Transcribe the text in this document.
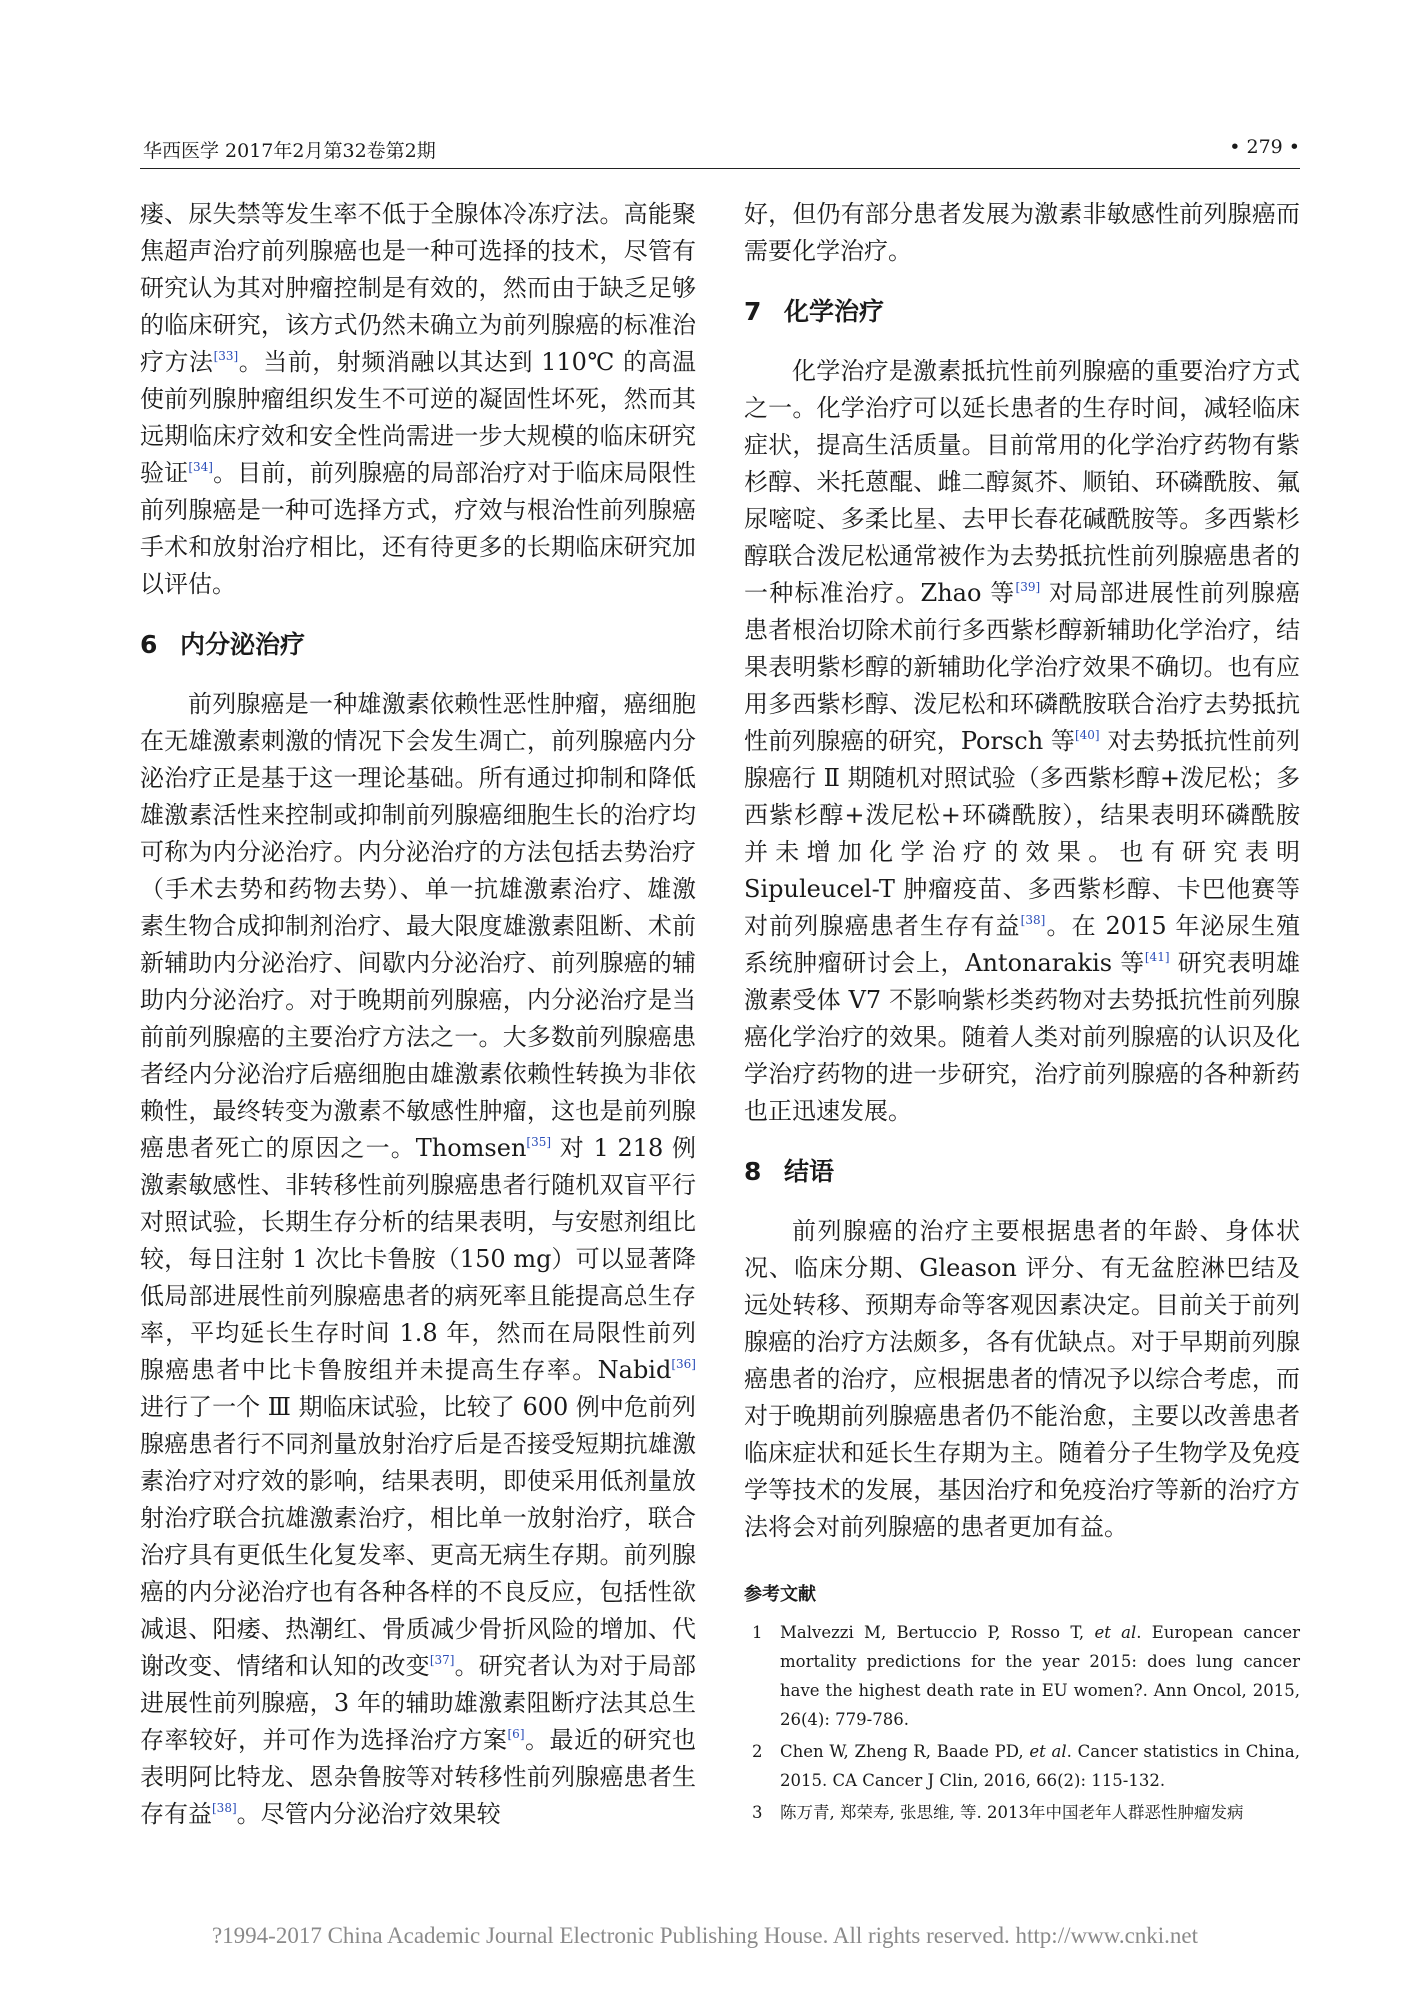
华西医学 2017年2月第32卷第2期	• 279 •

瘘、尿失禁等发生率不低于全腺体冷冻疗法。高能聚焦超声治疗前列腺癌也是一种可选择的技术，尽管有研究认为其对肿瘤控制是有效的，然而由于缺乏足够的临床研究，该方式仍然未确立为前列腺癌的标准治疗方法[33]。当前，射频消融以其达到 110℃ 的高温使前列腺肿瘤组织发生不可逆的凝固性坏死，然而其远期临床疗效和安全性尚需进一步大规模的临床研究验证[34]。目前，前列腺癌的局部治疗对于临床局限性前列腺癌是一种可选择方式，疗效与根治性前列腺癌手术和放射治疗相比，还有待更多的长期临床研究加以评估。

6 内分泌治疗

前列腺癌是一种雄激素依赖性恶性肿瘤，癌细胞在无雄激素刺激的情况下会发生凋亡，前列腺癌内分泌治疗正是基于这一理论基础。所有通过抑制和降低雄激素活性来控制或抑制前列腺癌细胞生长的治疗均可称为内分泌治疗。内分泌治疗的方法包括去势治疗（手术去势和药物去势）、单一抗雄激素治疗、雄激素生物合成抑制剂治疗、最大限度雄激素阻断、术前新辅助内分泌治疗、间歇内分泌治疗、前列腺癌的辅助内分泌治疗。对于晚期前列腺癌，内分泌治疗是当前前列腺癌的主要治疗方法之一。大多数前列腺癌患者经内分泌治疗后癌细胞由雄激素依赖性转换为非依赖性，最终转变为激素不敏感性肿瘤，这也是前列腺癌患者死亡的原因之一。Thomsen[35] 对 1 218 例激素敏感性、非转移性前列腺癌患者行随机双盲平行对照试验，长期生存分析的结果表明，与安慰剂组比较，每日注射 1 次比卡鲁胺（150 mg）可以显著降低局部进展性前列腺癌患者的病死率且能提高总生存率，平均延长生存时间 1.8 年，然而在局限性前列腺癌患者中比卡鲁胺组并未提高生存率。Nabid[36] 进行了一个 Ⅲ 期临床试验，比较了 600 例中危前列腺癌患者行不同剂量放射治疗后是否接受短期抗雄激素治疗对疗效的影响，结果表明，即使采用低剂量放射治疗联合抗雄激素治疗，相比单一放射治疗，联合治疗具有更低生化复发率、更高无病生存期。前列腺癌的内分泌治疗也有各种各样的不良反应，包括性欲减退、阳痿、热潮红、骨质减少骨折风险的增加、代谢改变、情绪和认知的改变[37]。研究者认为对于局部进展性前列腺癌，3 年的辅助雄激素阻断疗法其总生存率较好，并可作为选择治疗方案[6]。最近的研究也表明阿比特龙、恩杂鲁胺等对转移性前列腺癌患者生存有益[38]。尽管内分泌治疗效果较

好，但仍有部分患者发展为激素非敏感性前列腺癌而需要化学治疗。

7 化学治疗

化学治疗是激素抵抗性前列腺癌的重要治疗方式之一。化学治疗可以延长患者的生存时间，减轻临床症状，提高生活质量。目前常用的化学治疗药物有紫杉醇、米托蒽醌、雌二醇氮芥、顺铂、环磷酰胺、氟尿嘧啶、多柔比星、去甲长春花碱酰胺等。多西紫杉醇联合泼尼松通常被作为去势抵抗性前列腺癌患者的一种标准治疗。Zhao 等[39] 对局部进展性前列腺癌患者根治切除术前行多西紫杉醇新辅助化学治疗，结果表明紫杉醇的新辅助化学治疗效果不确切。也有应用多西紫杉醇、泼尼松和环磷酰胺联合治疗去势抵抗性前列腺癌的研究，Porsch 等[40] 对去势抵抗性前列腺癌行 Ⅱ 期随机对照试验（多西紫杉醇+泼尼松；多西紫杉醇+泼尼松+环磷酰胺），结果表明环磷酰胺并未增加化学治疗的效果。也有研究表明 Sipuleucel-T 肿瘤疫苗、多西紫杉醇、卡巴他赛等对前列腺癌患者生存有益[38]。在 2015 年泌尿生殖系统肿瘤研讨会上，Antonarakis 等[41] 研究表明雄激素受体 V7 不影响紫杉类药物对去势抵抗性前列腺癌化学治疗的效果。随着人类对前列腺癌的认识及化学治疗药物的进一步研究，治疗前列腺癌的各种新药也正迅速发展。

8 结语

前列腺癌的治疗主要根据患者的年龄、身体状况、临床分期、Gleason 评分、有无盆腔淋巴结及远处转移、预期寿命等客观因素决定。目前关于前列腺癌的治疗方法颇多，各有优缺点。对于早期前列腺癌患者的治疗，应根据患者的情况予以综合考虑，而对于晚期前列腺癌患者仍不能治愈，主要以改善患者临床症状和延长生存期为主。随着分子生物学及免疫学等技术的发展，基因治疗和免疫治疗等新的治疗方法将会对前列腺癌的患者更加有益。

参考文献
1 Malvezzi M, Bertuccio P, Rosso T, et al. European cancer mortality predictions for the year 2015: does lung cancer have the highest death rate in EU women?. Ann Oncol, 2015, 26(4): 779-786.
2 Chen W, Zheng R, Baade PD, et al. Cancer statistics in China, 2015. CA Cancer J Clin, 2016, 66(2): 115-132.
3 陈万青, 郑荣寿, 张思维, 等. 2013年中国老年人群恶性肿瘤发病
?1994-2017 China Academic Journal Electronic Publishing House. All rights reserved. http://www.cnki.net
